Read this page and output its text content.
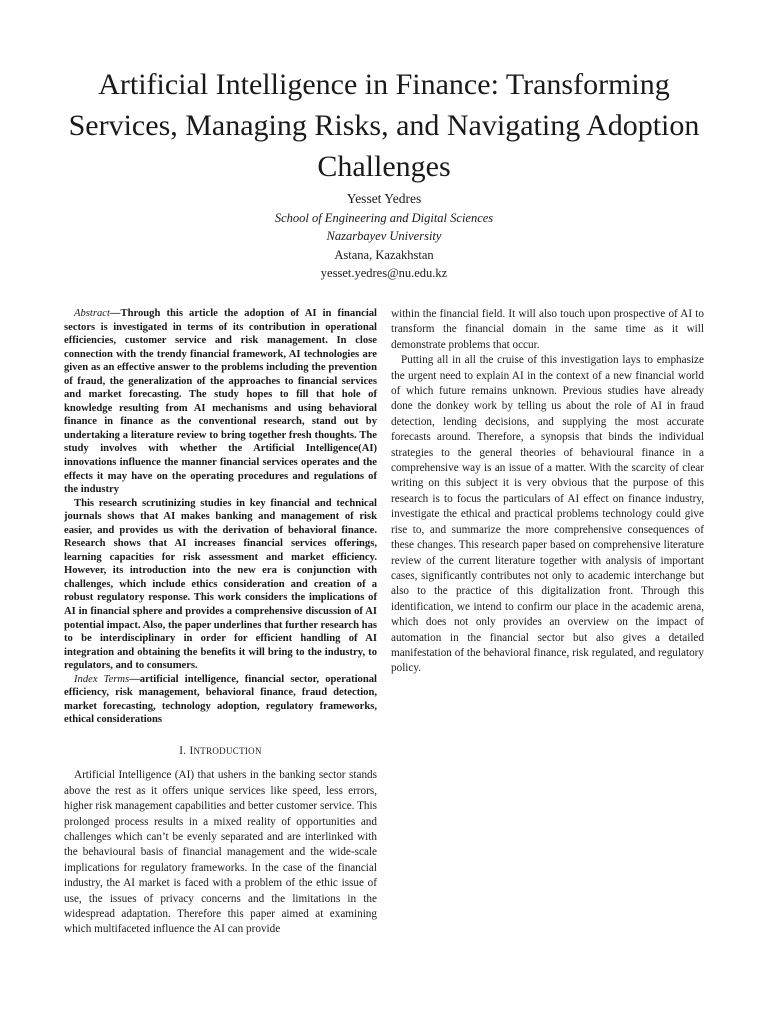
Artificial Intelligence in Finance: Transforming Services, Managing Risks, and Navigating Adoption Challenges
Yesset Yedres
School of Engineering and Digital Sciences
Nazarbayev University
Astana, Kazakhstan
yesset.yedres@nu.edu.kz

Abstract—Through this article the adoption of AI in financial sectors is investigated in terms of its contribution in operational efficiencies, customer service and risk management. In close connection with the trendy financial framework, AI technologies are given as an effective answer to the problems including the prevention of fraud, the generalization of the approaches to financial services and market forecasting. The study hopes to fill that hole of knowledge resulting from AI mechanisms and using behavioral finance in finance as the conventional research, stand out by undertaking a literature review to bring together fresh thoughts. The study involves with whether the Artificial Intelligence(AI) innovations influence the manner financial services operates and the effects it may have on the operating procedures and regulations of the industry

This research scrutinizing studies in key financial and technical journals shows that AI makes banking and management of risk easier, and provides us with the derivation of behavioral finance. Research shows that AI increases financial services offerings, learning capacities for risk assessment and market efficiency. However, its introduction into the new era is conjunction with challenges, which include ethics consideration and creation of a robust regulatory response. This work considers the implications of AI in financial sphere and provides a comprehensive discussion of AI potential impact. Also, the paper underlines that further research has to be interdisciplinary in order for efficient handling of AI integration and obtaining the benefits it will bring to the industry, to regulators, and to consumers.

Index Terms—artificial intelligence, financial sector, operational efficiency, risk management, behavioral finance, fraud detection, market forecasting, technology adoption, regulatory frameworks, ethical considerations

I. INTRODUCTION

Artificial Intelligence (AI) that ushers in the banking sector stands above the rest as it offers unique services like speed, less errors, higher risk management capabilities and better customer service. This prolonged process results in a mixed reality of opportunities and challenges which can’t be evenly separated and are interlinked with the behavioural basis of financial management and the wide-scale implications for regulatory frameworks. In the case of the financial industry, the AI market is faced with a problem of the ethic issue of use, the issues of privacy concerns and the limitations in the widespread adaptation. Therefore this paper aimed at examining which multifaceted influence the AI can provide

within the financial field. It will also touch upon prospective of AI to transform the financial domain in the same time as it will demonstrate problems that occur.

Putting all in all the cruise of this investigation lays to emphasize the urgent need to explain AI in the context of a new financial world of which future remains unknown. Previous studies have already done the donkey work by telling us about the role of AI in fraud detection, lending decisions, and supplying the most accurate forecasts around. Therefore, a synopsis that binds the individual strategies to the general theories of behavioural finance in a comprehensive way is an issue of a matter. With the scarcity of clear writing on this subject it is very obvious that the purpose of this research is to focus the particulars of AI effect on finance industry, investigate the ethical and practical problems technology could give rise to, and summarize the more comprehensive consequences of these changes. This research paper based on comprehensive literature review of the current literature together with analysis of important cases, significantly contributes not only to academic interchange but also to the practice of this digitalization front. Through this identification, we intend to confirm our place in the academic arena, which does not only provides an overview on the impact of automation in the financial sector but also gives a detailed manifestation of the behavioral finance, risk regulated, and regulatory policy.
